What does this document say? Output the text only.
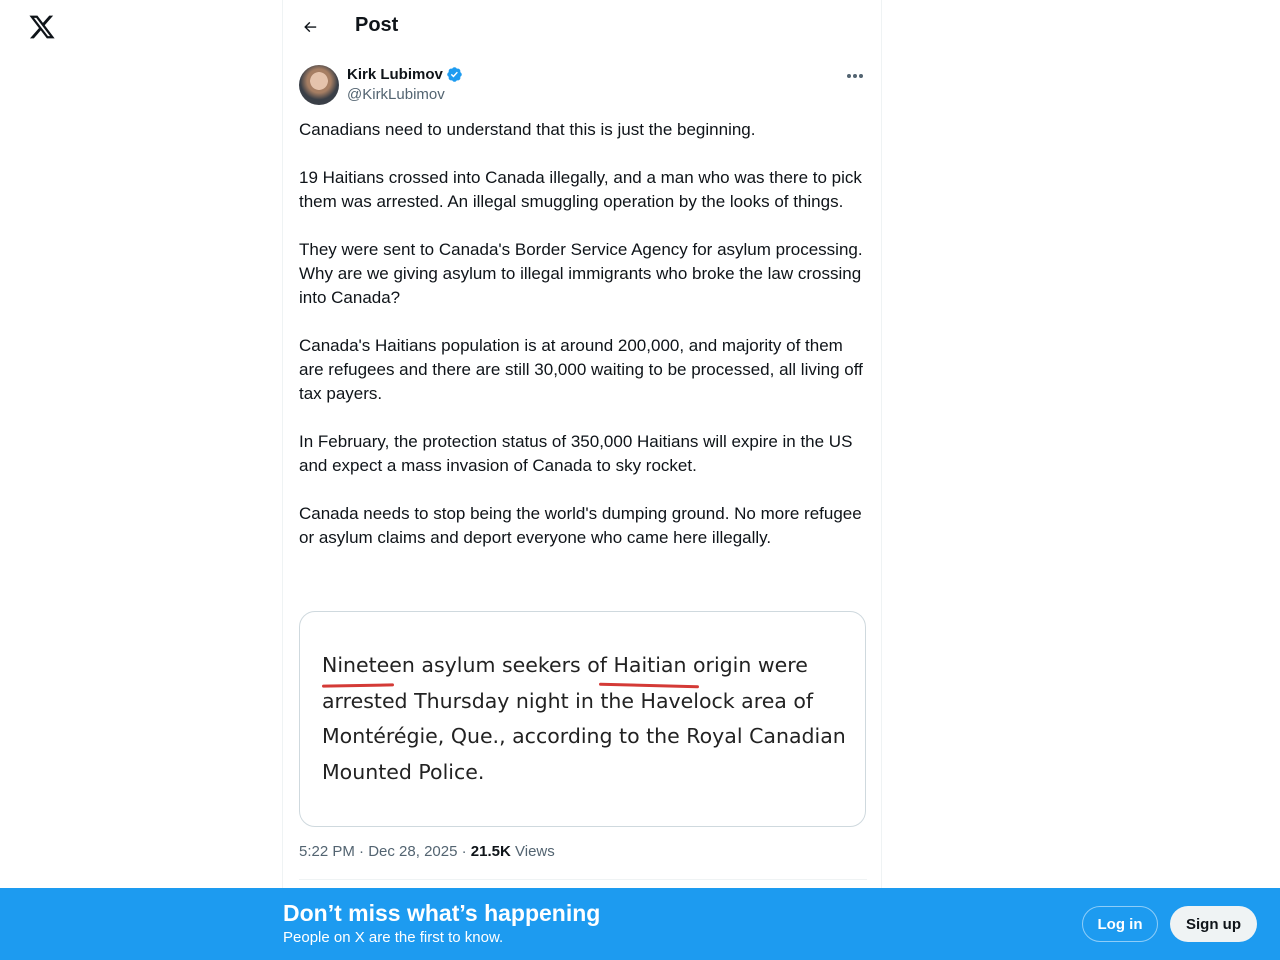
Post
Kirk Lubimov
@KirkLubimov

Canadians need to understand that this is just the beginning.

19 Haitians crossed into Canada illegally, and a man who was there to pick them was arrested. An illegal smuggling operation by the looks of things.

They were sent to Canada's Border Service Agency for asylum processing.
Why are we giving asylum to illegal immigrants who broke the law crossing into Canada?

Canada's Haitians population is at around 200,000, and majority of them are refugees and there are still 30,000 waiting to be processed, all living off tax payers.

In February, the protection status of 350,000 Haitians will expire in the US and expect a mass invasion of Canada to sky rocket.

Canada needs to stop being the world's dumping ground. No more refugee or asylum claims and deport everyone who came here illegally.

Nineteen asylum seekers of Haitian origin were arrested Thursday night in the Havelock area of Montérégie, Que., according to the Royal Canadian Mounted Police.
5:22 PM · Dec 28, 2025 · 21.5K Views
Don’t miss what’s happening
People on X are the first to know.
Log in	Sign up
